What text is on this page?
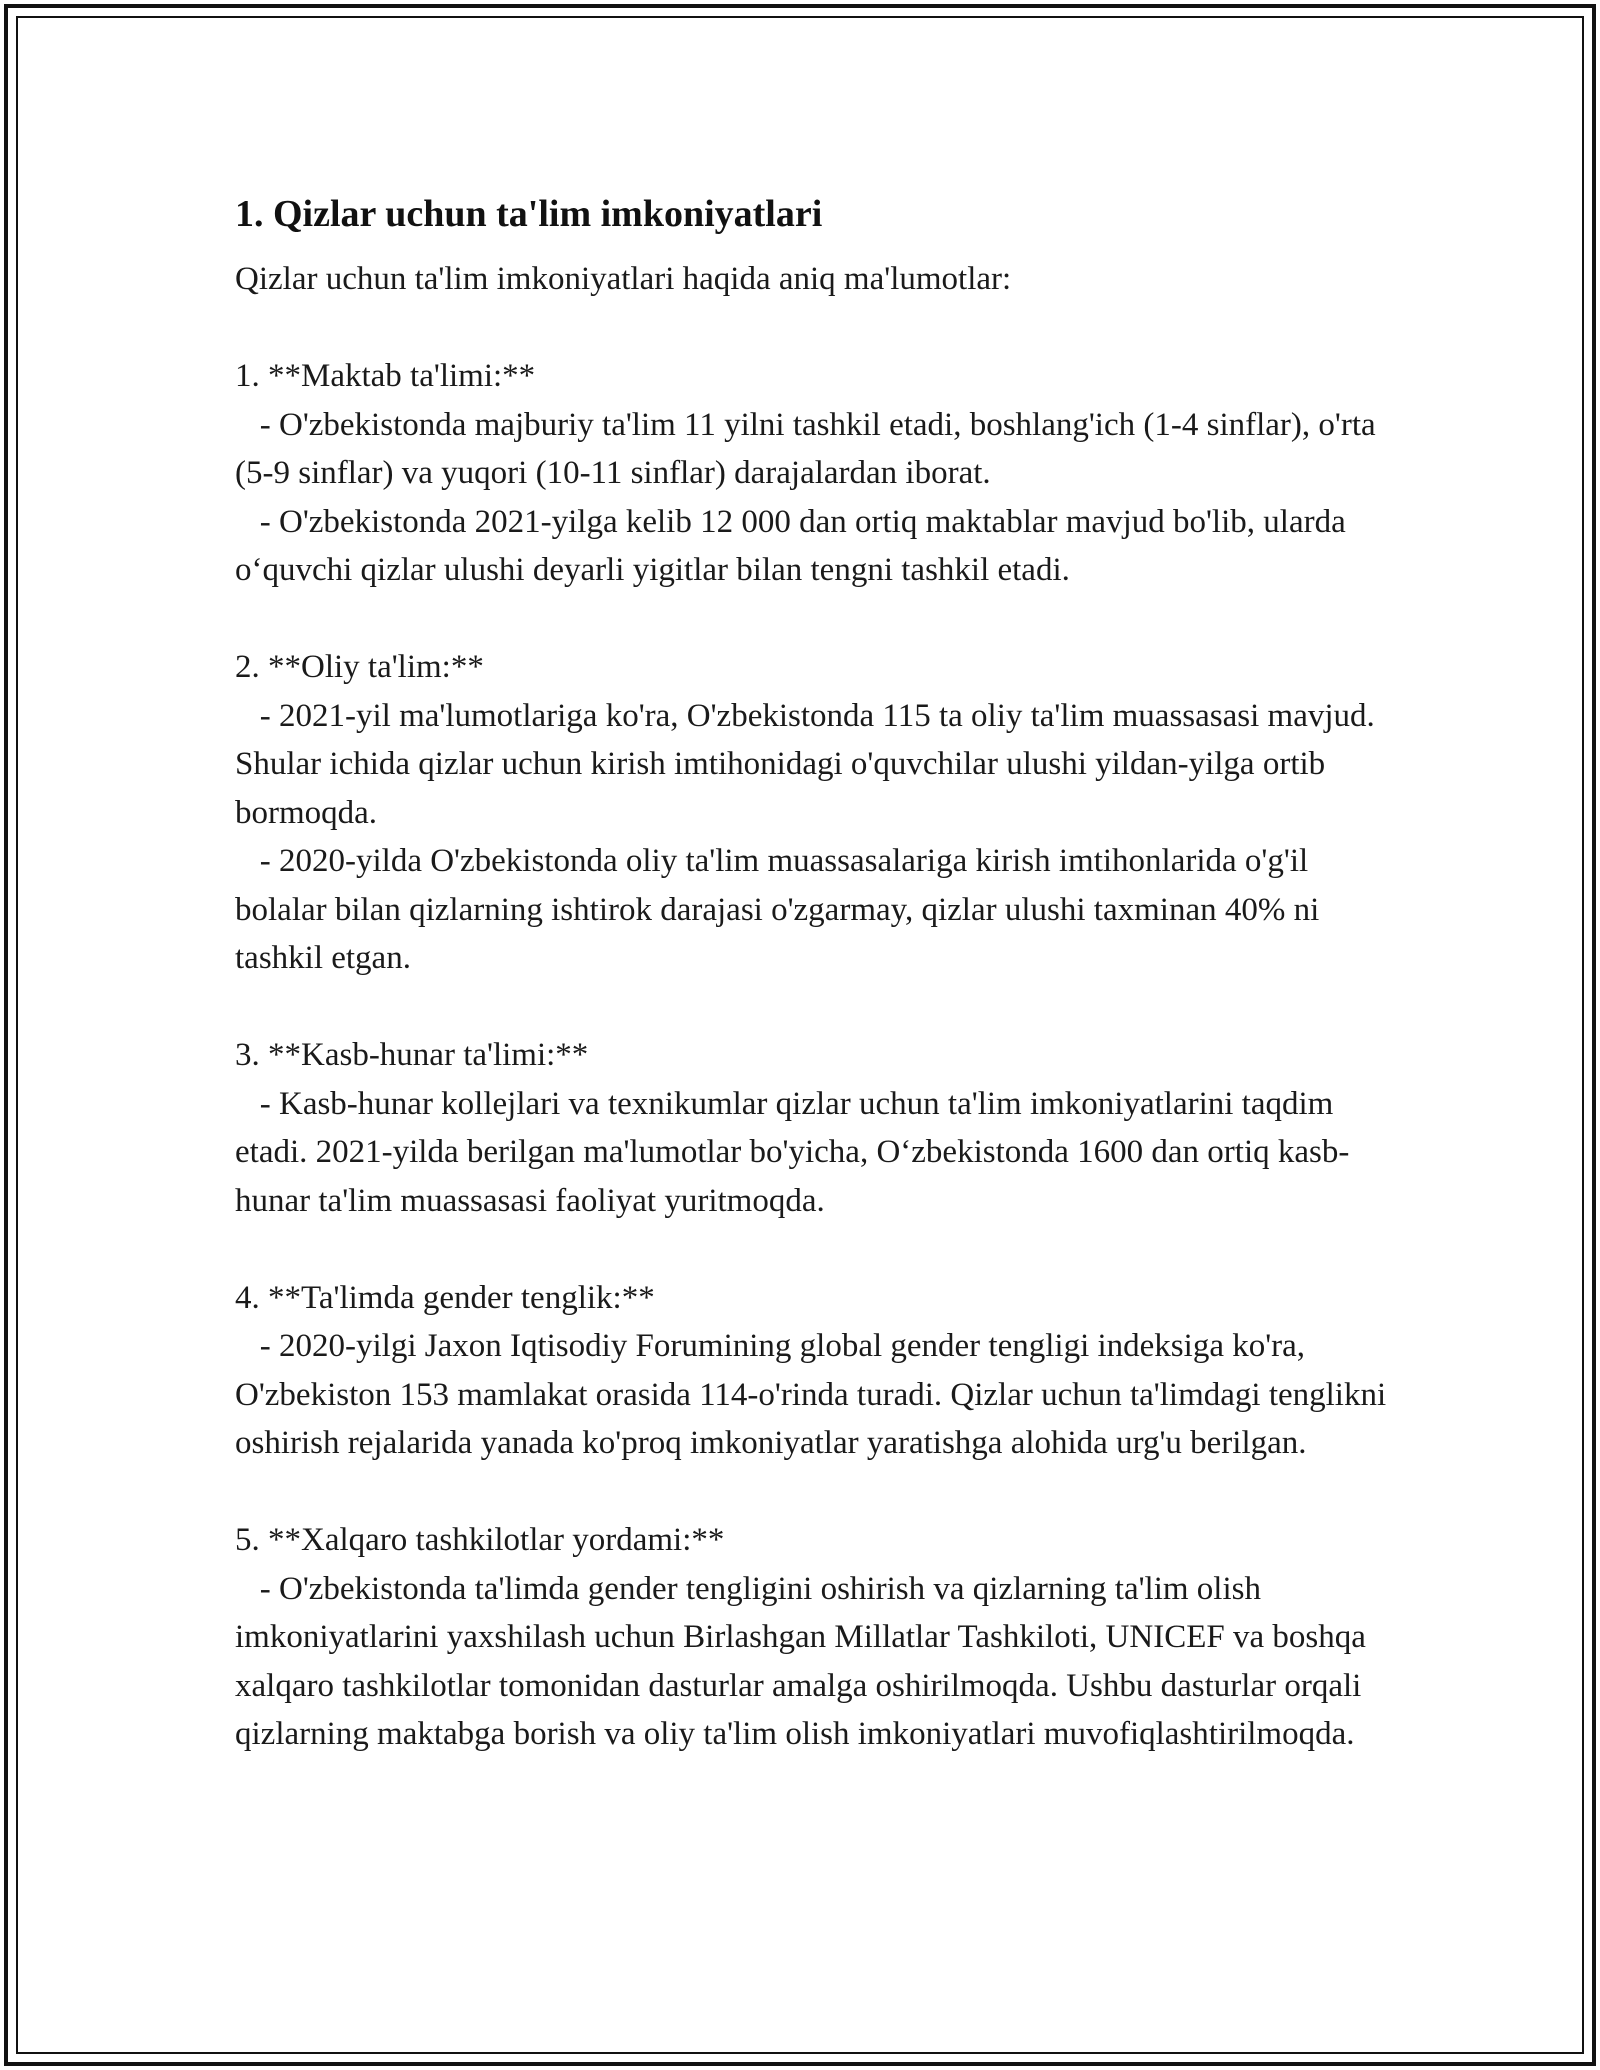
1. Qizlar uchun ta'lim imkoniyatlari

Qizlar uchun ta'lim imkoniyatlari haqida aniq ma'lumotlar:

1. **Maktab ta'limi:**

- O'zbekistonda majburiy ta'lim 11 yilni tashkil etadi, boshlang'ich (1-4 sinflar), o'rta (5-9 sinflar) va yuqori (10-11 sinflar) darajalardan iborat.

- O'zbekistonda 2021-yilga kelib 12 000 dan ortiq maktablar mavjud bo'lib, ularda o‘quvchi qizlar ulushi deyarli yigitlar bilan tengni tashkil etadi.

2. **Oliy ta'lim:**

- 2021-yil ma'lumotlariga ko'ra, O'zbekistonda 115 ta oliy ta'lim muassasasi mavjud. Shular ichida qizlar uchun kirish imtihonidagi o'quvchilar ulushi yildan-yilga ortib bormoqda.

- 2020-yilda O'zbekistonda oliy ta'lim muassasalariga kirish imtihonlarida o'g'il bolalar bilan qizlarning ishtirok darajasi o'zgarmay, qizlar ulushi taxminan 40% ni tashkil etgan.

3. **Kasb-hunar ta'limi:**

- Kasb-hunar kollejlari va texnikumlar qizlar uchun ta'lim imkoniyatlarini taqdim etadi. 2021-yilda berilgan ma'lumotlar bo'yicha, O‘zbekistonda 1600 dan ortiq kasb-hunar ta'lim muassasasi faoliyat yuritmoqda.

4. **Ta'limda gender tenglik:**

- 2020-yilgi Jaxon Iqtisodiy Forumining global gender tengligi indeksiga ko'ra, O'zbekiston 153 mamlakat orasida 114-o'rinda turadi. Qizlar uchun ta'limdagi tenglikni oshirish rejalarida yanada ko'proq imkoniyatlar yaratishga alohida urg'u berilgan.

5. **Xalqaro tashkilotlar yordami:**

- O'zbekistonda ta'limda gender tengligini oshirish va qizlarning ta'lim olish imkoniyatlarini yaxshilash uchun Birlashgan Millatlar Tashkiloti, UNICEF va boshqa xalqaro tashkilotlar tomonidan dasturlar amalga oshirilmoqda. Ushbu dasturlar orqali qizlarning maktabga borish va oliy ta'lim olish imkoniyatlari muvofiqlashtirilmoqda.
